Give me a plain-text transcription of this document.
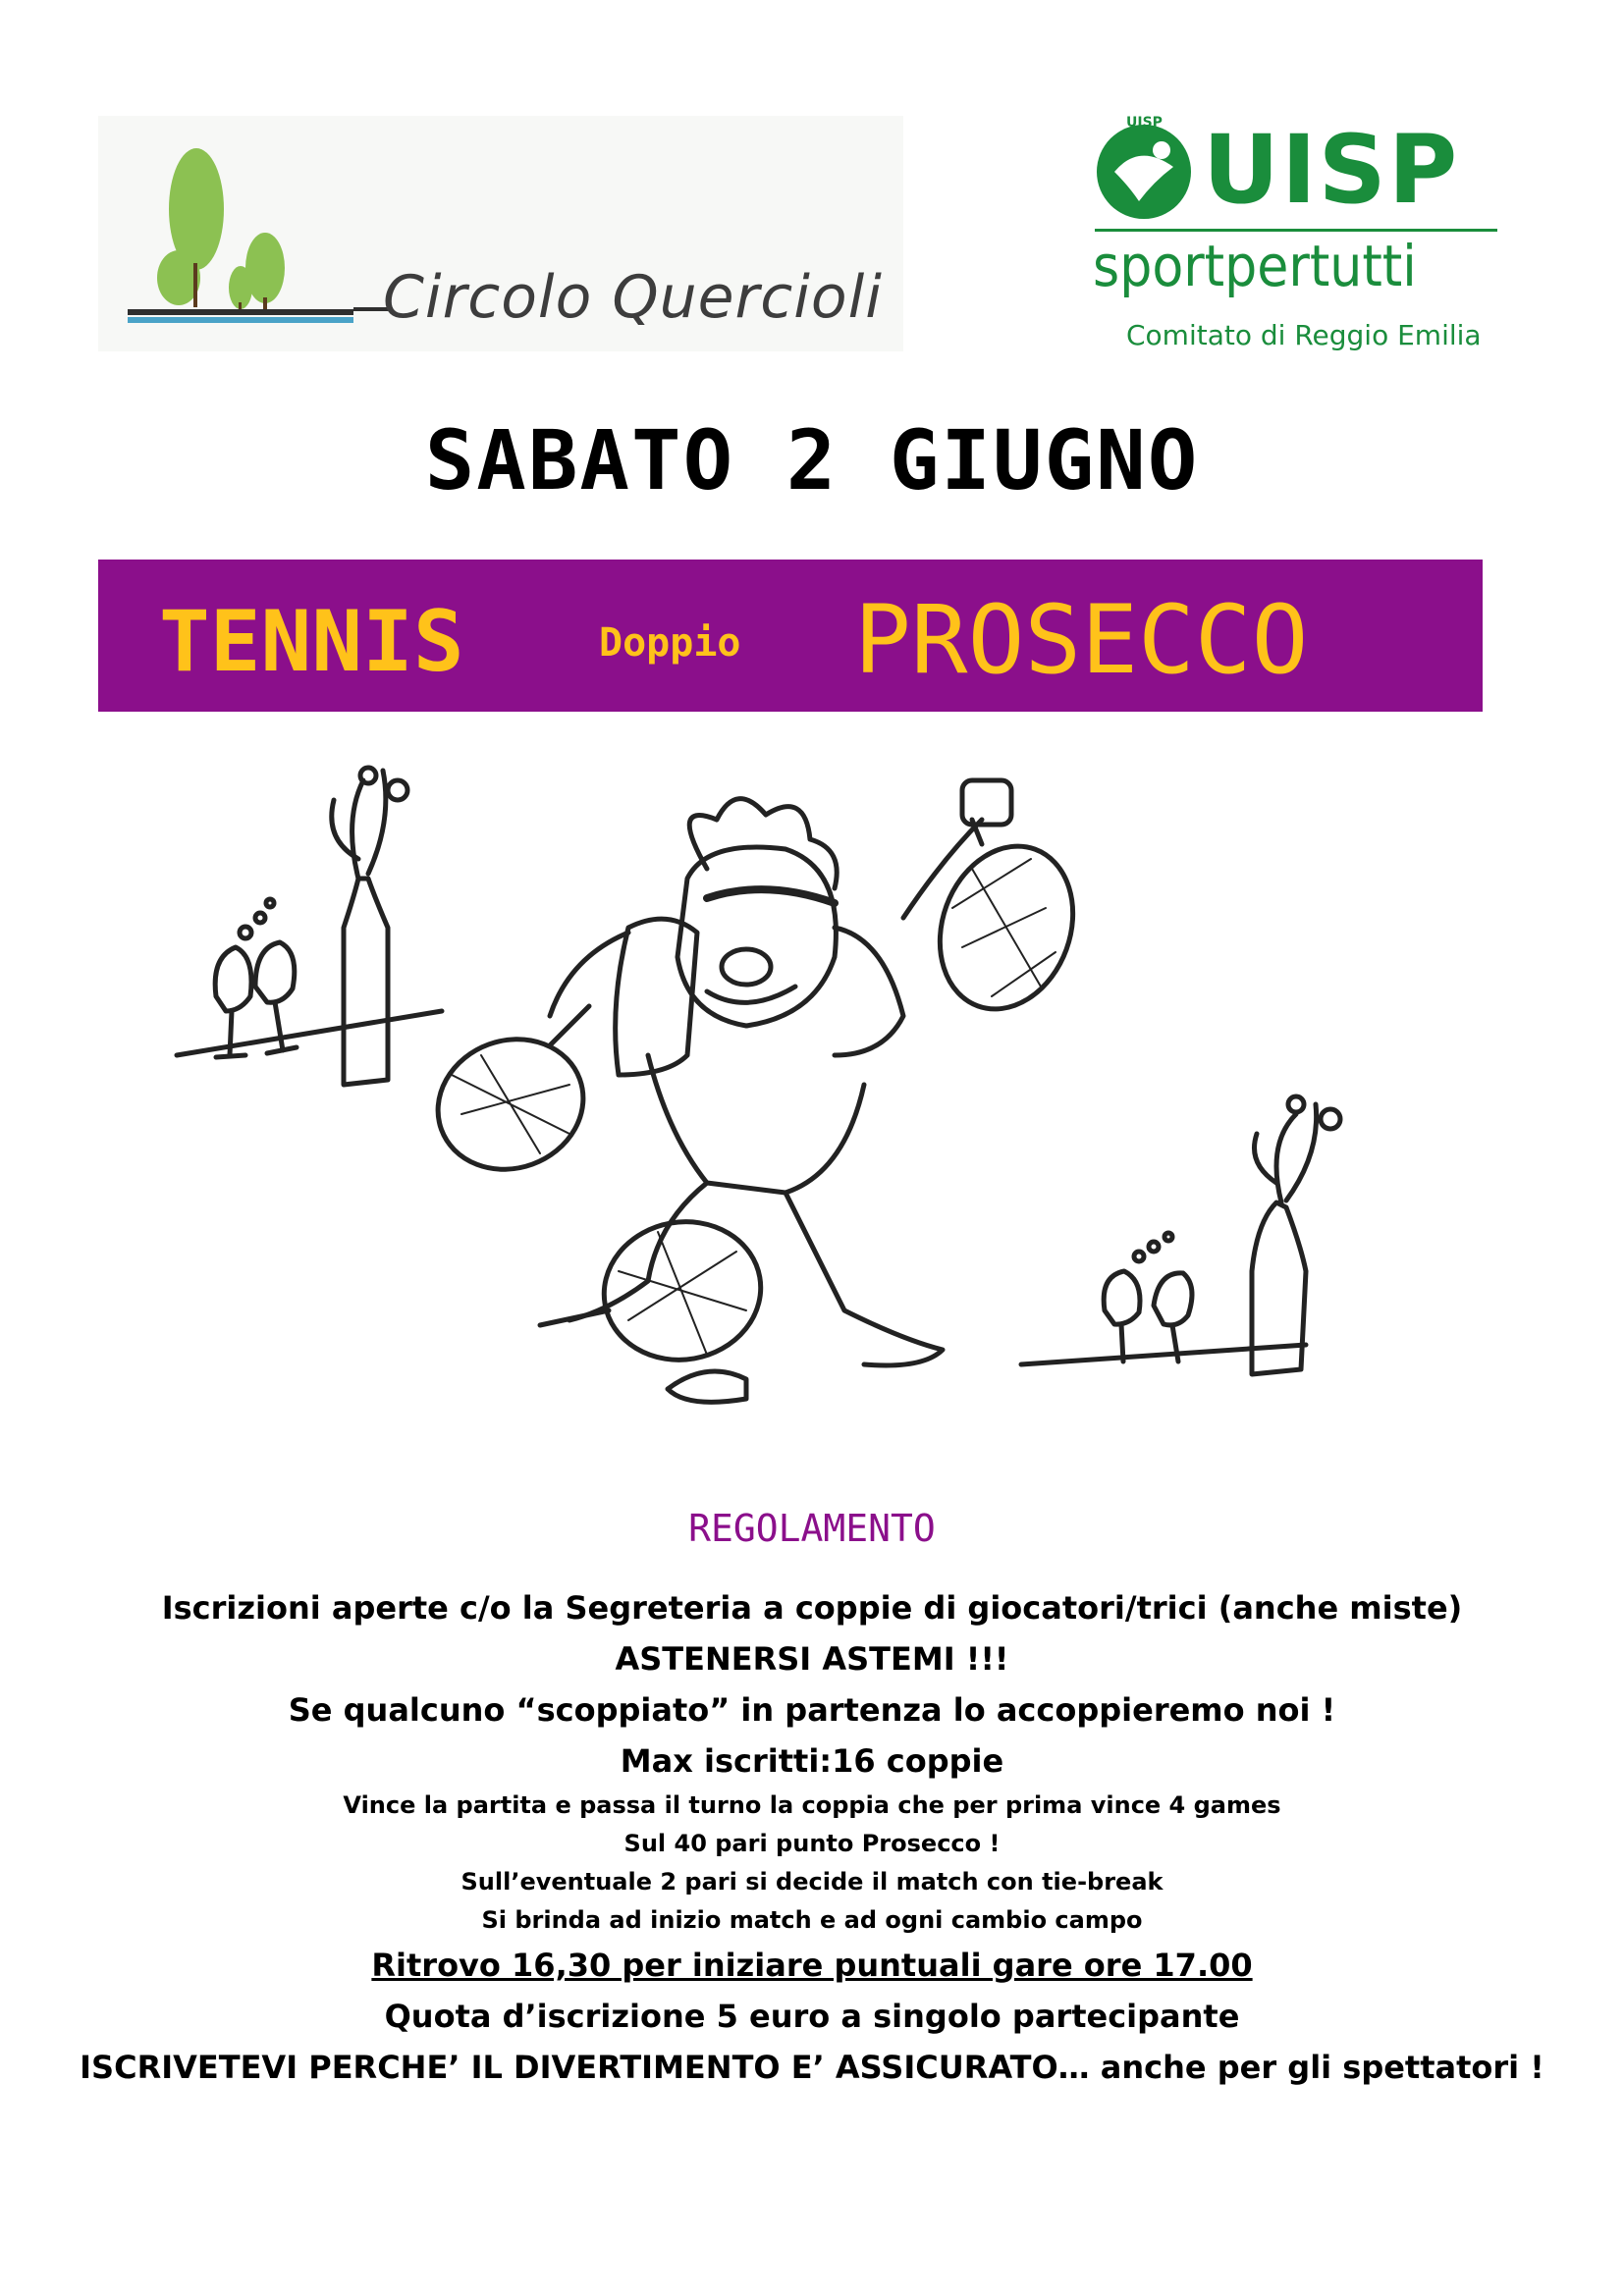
Circolo Quercioli
UISP UISP
sportpertutti
Comitato di Reggio Emilia
SABATO 2 GIUGNO
TENNIS	Doppio PROSECCO
REGOLAMENTO
Iscrizioni aperte c/o la Segreteria a coppie di giocatori/trici (anche miste)
ASTENERSI ASTEMI !!!
Se qualcuno “scoppiato” in partenza lo accoppieremo noi !
Max iscritti:16 coppie
Vince la partita e passa il turno la coppia che per prima vince 4 games
Sul 40 pari punto Prosecco !
Sull’eventuale 2 pari si decide il match con tie-break
Si brinda ad inizio match e ad ogni cambio campo
Ritrovo 16,30 per iniziare puntuali gare ore 17.00
Quota d’iscrizione 5 euro a singolo partecipante
ISCRIVETEVI PERCHE’ IL DIVERTIMENTO E’ ASSICURATO… anche per gli spettatori !
